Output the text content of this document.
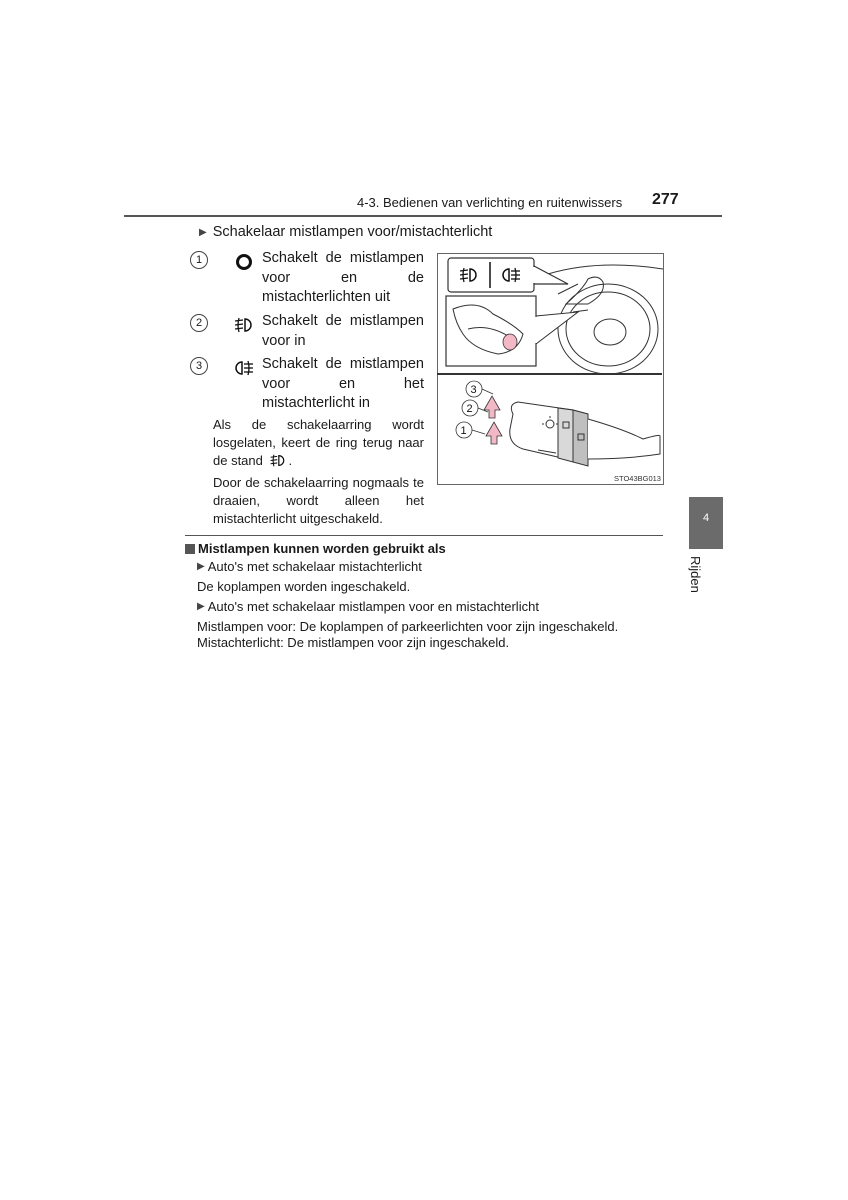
4-3. Bedienen van verlichting en ruitenwissers 277
▶ Schakelaar mistlampen voor/mistachterlicht
1	Schakelt de mistlampen voor en de mistachterlichten uit
2	Schakelt de mistlampen voor in
3	Schakelt de mistlampen voor en het mistachterlicht in
Als de schakelaarring wordt losgelaten, keert de ring terug naar de stand .
Door de schakelaarring nogmaals te draaien, wordt alleen het mistachterlicht uitgeschakeld.
3
2
1
STO43BG013
Mistlampen kunnen worden gebruikt als
▶ Auto's met schakelaar mistachterlicht
De koplampen worden ingeschakeld.
▶ Auto's met schakelaar mistlampen voor en mistachterlicht
Mistlampen voor: De koplampen of parkeerlichten voor zijn ingeschakeld.
Mistachterlicht: De mistlampen voor zijn ingeschakeld.
4
Rijden
